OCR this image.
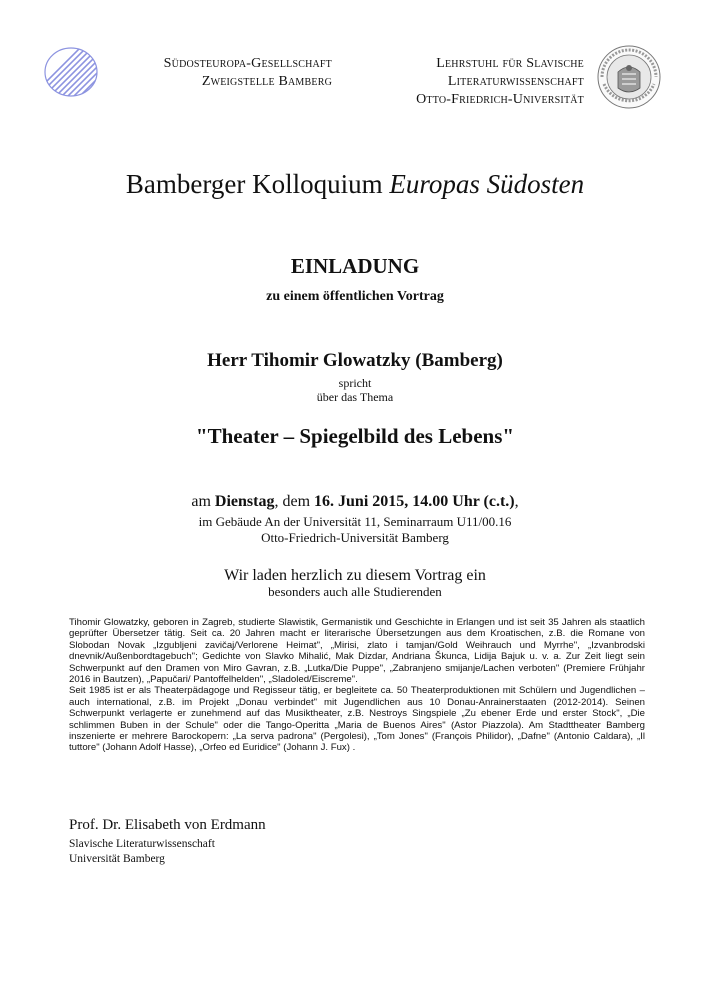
Südosteuropa-Gesellschaft
Zweigstelle Bamberg
Lehrstuhl für Slavische
Literaturwissenschaft
Otto-Friedrich-Universität
Bamberger Kolloquium Europas Südosten
EINLADUNG
zu einem öffentlichen Vortrag
Herr Tihomir Glowatzky (Bamberg)
spricht
über das Thema
"Theater – Spiegelbild des Lebens"
am Dienstag, dem 16. Juni 2015, 14.00 Uhr (c.t.),
im Gebäude An der Universität 11, Seminarraum U11/00.16
Otto-Friedrich-Universität Bamberg
Wir laden herzlich zu diesem Vortrag ein
besonders auch alle Studierenden

Tihomir Glowatzky, geboren in Zagreb, studierte Slawistik, Germanistik und Geschichte in Erlangen und ist seit 35 Jahren als staatlich geprüfter Übersetzer tätig. Seit ca. 20 Jahren macht er literarische Übersetzungen aus dem Kroatischen, z.B. die Romane von Slobodan Novak „Izgubljeni zavičaj/Verlorene Heimat", „Mirisi, zlato i tamjan/Gold Weihrauch und Myrrhe", „Izvanbrodski dnevnik/Außenbordtagebuch"; Gedichte von Slavko Mihalić, Mak Dizdar, Andriana Škunca, Lidija Bajuk u. v. a. Zur Zeit liegt sein Schwerpunkt auf den Dramen von Miro Gavran, z.B. „Lutka/Die Puppe", „Zabranjeno smijanje/Lachen verboten" (Premiere Frühjahr 2016 in Bautzen), „Papučari/ Pantoffelhelden", „Sladoled/Eiscreme".

Seit 1985 ist er als Theaterpädagoge und Regisseur tätig, er begleitete ca. 50 Theaterproduktionen mit Schülern und Jugendlichen – auch international, z.B. im Projekt „Donau verbindet" mit Jugendlichen aus 10 Donau-Anrainerstaaten (2012-2014). Seinen Schwerpunkt verlagerte er zunehmend auf das Musiktheater, z.B. Nestroys Singspiele „Zu ebener Erde und erster Stock", „Die schlimmen Buben in der Schule" oder die Tango-Operitta „Maria de Buenos Aires" (Astor Piazzola). Am Stadttheater Bamberg inszenierte er mehrere Barockopern: „La serva padrona" (Pergolesi), „Tom Jones" (François Philidor), „Dafne" (Antonio Caldara), „Il tuttore" (Johann Adolf Hasse), „Orfeo ed Euridice" (Johann J. Fux) .

Prof. Dr. Elisabeth von Erdmann
Slavische Literaturwissenschaft
Universität Bamberg
